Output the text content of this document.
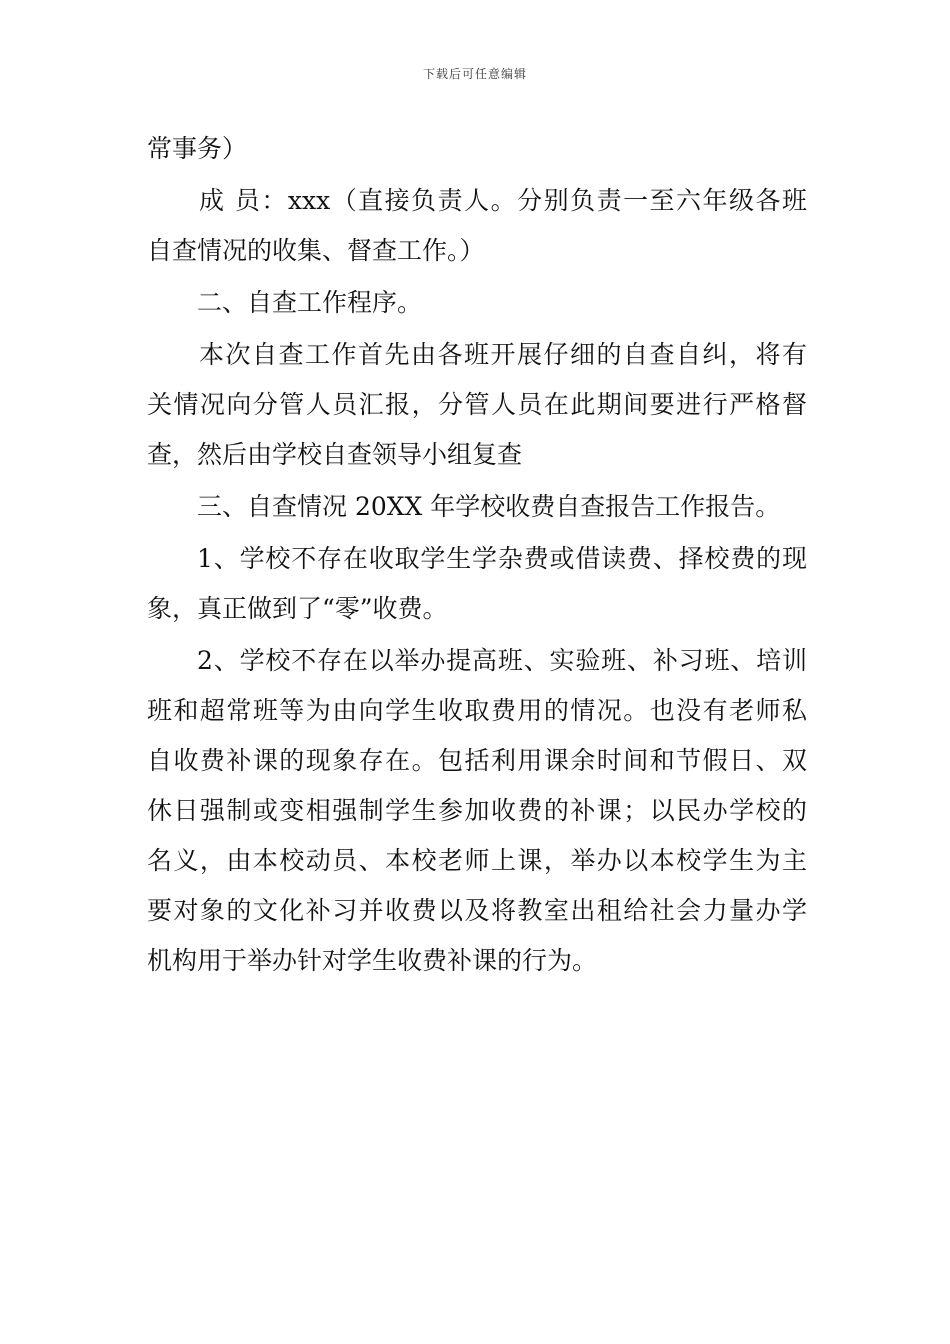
下载后可任意编辑
常事务）
成 员：xxx（直接负责人。分别负责一至六年级各班
自查情况的收集、督查工作。）
二、自查工作程序。
本次自查工作首先由各班开展仔细的自查自纠，将有
关情况向分管人员汇报，分管人员在此期间要进行严格督
查，然后由学校自查领导小组复查
三、自查情况 20XX 年学校收费自查报告工作报告。
1、学校不存在收取学生学杂费或借读费、择校费的现
象，真正做到了“零”收费。
2、学校不存在以举办提高班、实验班、补习班、培训
班和超常班等为由向学生收取费用的情况。也没有老师私
自收费补课的现象存在。包括利用课余时间和节假日、双
休日强制或变相强制学生参加收费的补课；以民办学校的
名义，由本校动员、本校老师上课，举办以本校学生为主
要对象的文化补习并收费以及将教室出租给社会力量办学
机构用于举办针对学生收费补课的行为。
